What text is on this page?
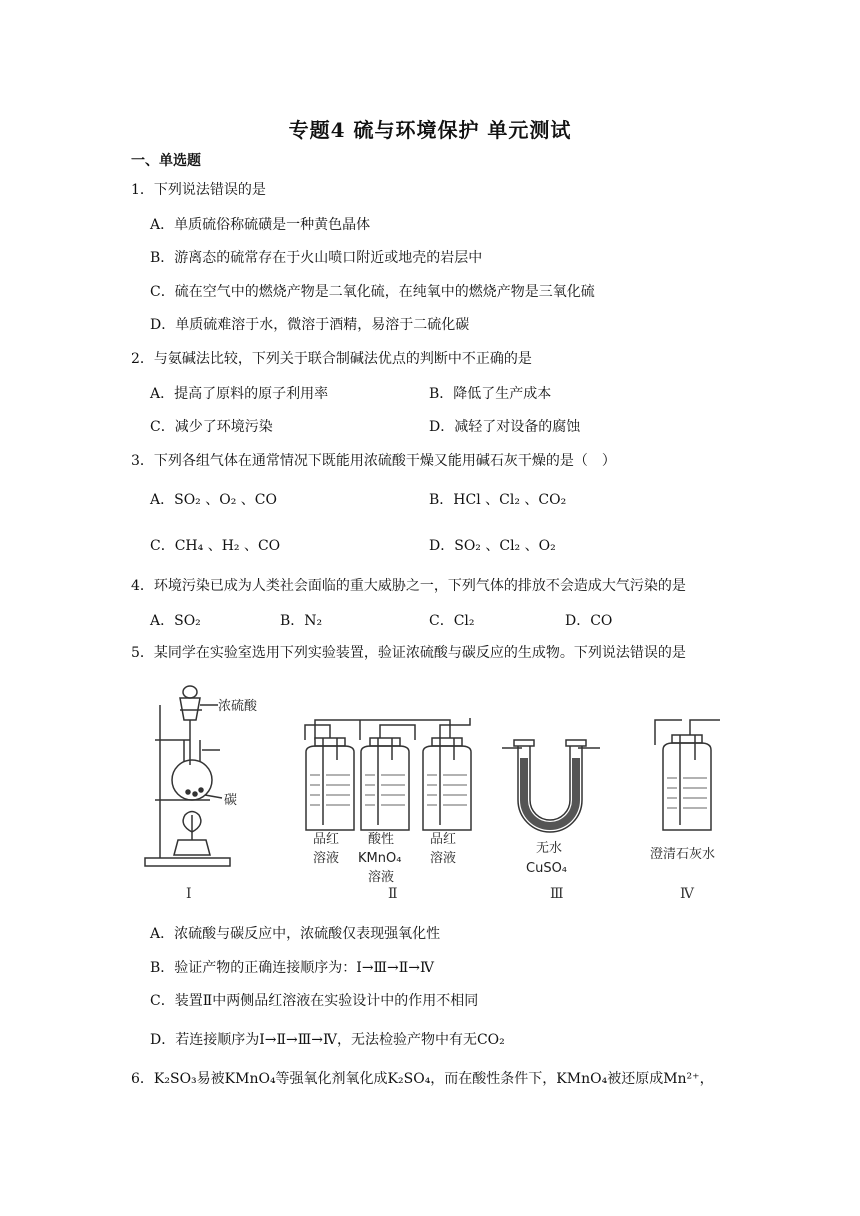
专题4 硫与环境保护 单元测试
一、单选题
1．下列说法错误的是
A．单质硫俗称硫磺是一种黄色晶体
B．游离态的硫常存在于火山喷口附近或地壳的岩层中
C．硫在空气中的燃烧产物是二氧化硫，在纯氧中的燃烧产物是三氧化硫
D．单质硫难溶于水，微溶于酒精，易溶于二硫化碳
2．与氨碱法比较，下列关于联合制碱法优点的判断中不正确的是
A．提高了原料的原子利用率	B．降低了生产成本
C．减少了环境污染	D．减轻了对设备的腐蚀
3．下列各组气体在通常情况下既能用浓硫酸干燥又能用碱石灰干燥的是（　）
A．SO₂ 、O₂ 、CO	B．HCl 、Cl₂ 、CO₂
C．CH₄ 、H₂ 、CO	D．SO₂ 、Cl₂ 、O₂
4．环境污染已成为人类社会面临的重大威胁之一，下列气体的排放不会造成大气污染的是
A．SO₂	B．N₂	C．Cl₂	D．CO
5．某同学在实验室选用下列实验装置，验证浓硫酸与碳反应的生成物。下列说法错误的是
浓硫酸
碳
Ⅰ
品红
溶液
酸性
KMnO₄
溶液
品红
溶液
Ⅱ
无水
CuSO₄
Ⅲ
澄清石灰水
Ⅳ
A．浓硫酸与碳反应中，浓硫酸仅表现强氧化性
B．验证产物的正确连接顺序为：Ⅰ→Ⅲ→Ⅱ→Ⅳ
C．装置Ⅱ中两侧品红溶液在实验设计中的作用不相同
D．若连接顺序为Ⅰ→Ⅱ→Ⅲ→Ⅳ，无法检验产物中有无CO₂
6．K₂SO₃易被KMnO₄等强氧化剂氧化成K₂SO₄，而在酸性条件下，KMnO₄被还原成Mn²⁺，
